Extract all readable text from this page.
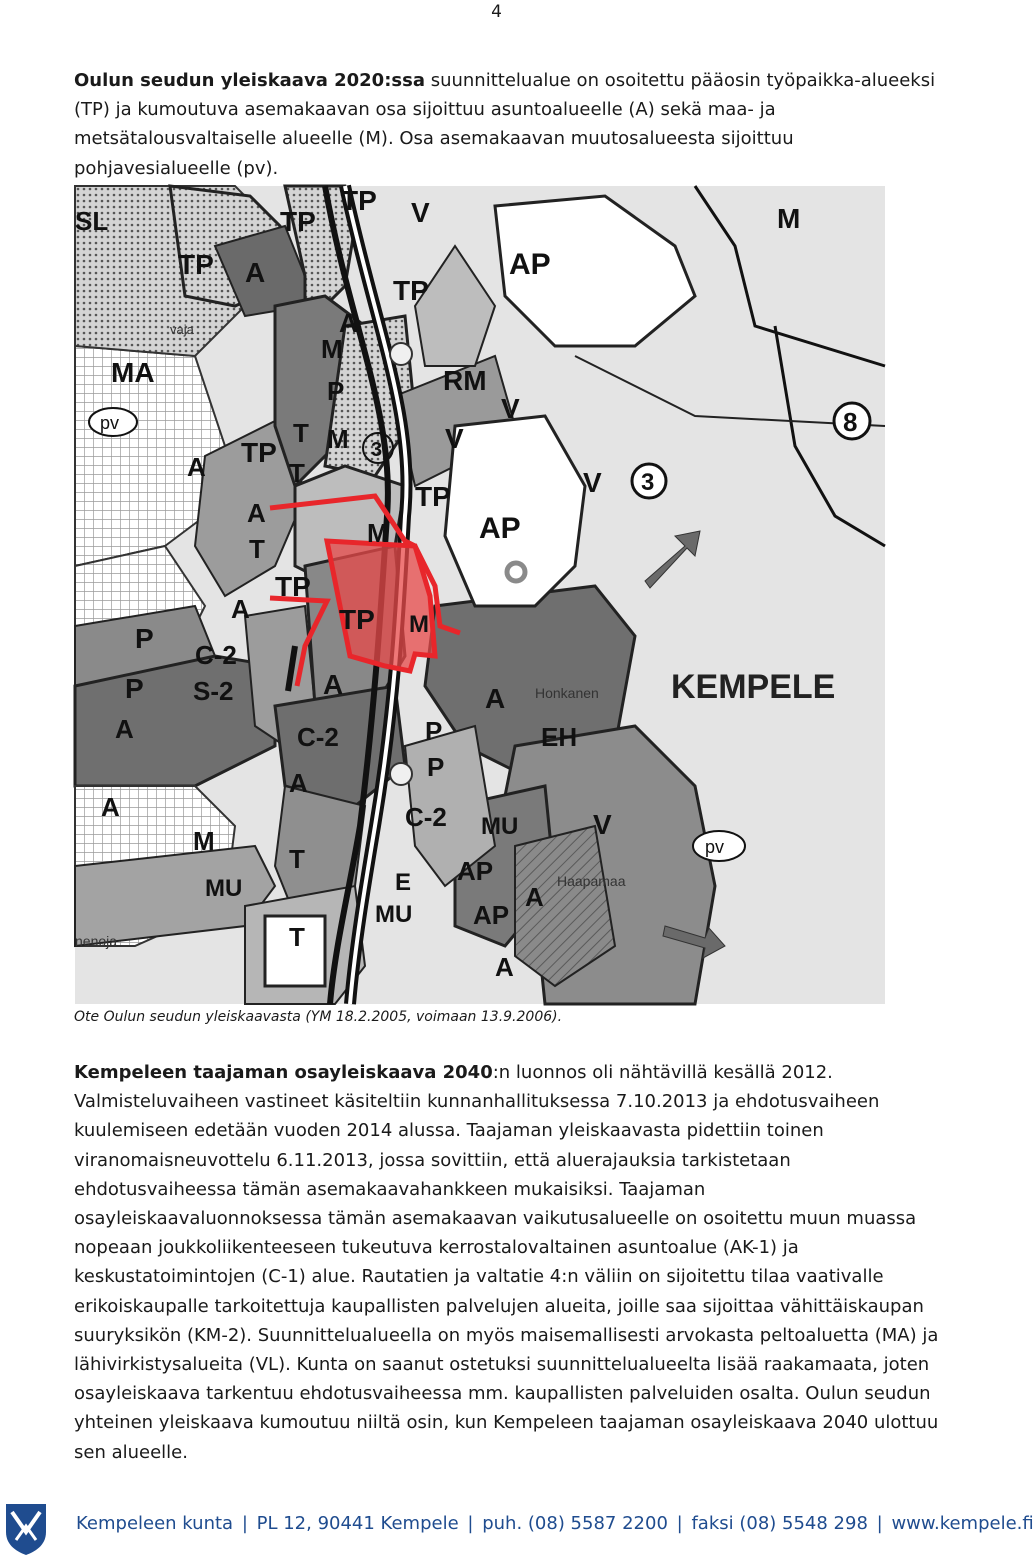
4

Oulun seudun yleiskaava 2020:ssa suunnittelualue on osoitettu pääosin työpaikka-alueeksi (TP) ja kumoutuva asemakaavan osa sijoittuu asuntoalueelle (A) sekä maa- ja metsätalousvaltaiselle alueelle (M). Osa asemakaavan muutosalueesta sijoittuu pohjavesialueelle (pv).

SL
TP
TP
TP
TP
TP
TP
TP
TP
V
V
V
V
V
AP
AP
AP
AP
M
M
M
M
M
M
MA
A
A
A
A
A
A	A
A
A
A
A
A
RM
P
P
P
P
P
T
T
T
T
T
C-2
C-2
C-2
S-2
EH
MU
MU
MU
E
KEMPELE
8
3
3
pv
pv
Honkanen
Haapamaa
nenoja
vaja
Ote Oulun seudun yleiskaavasta (YM 18.2.2005, voimaan 13.9.2006).

Kempeleen taajaman osayleiskaava 2040:n luonnos oli nähtävillä kesällä 2012. Valmisteluvaiheen vastineet käsiteltiin kunnanhallituksessa 7.10.2013 ja ehdotusvaiheen kuulemiseen edetään vuoden 2014 alussa. Taajaman yleiskaavasta pidettiin toinen viranomaisneuvottelu 6.11.2013, jossa sovittiin, että aluerajauksia tarkistetaan ehdotusvaiheessa tämän asemakaavahankkeen mukaisiksi. Taajaman osayleiskaavaluonnoksessa tämän asemakaavan vaikutusalueelle on osoitettu muun muassa nopeaan joukkoliikenteeseen tukeutuva kerrostalovaltainen asuntoalue (AK-1) ja keskustatoimintojen (C-1) alue. Rautatien ja valtatie 4:n väliin on sijoitettu tilaa vaativalle erikoiskaupalle tarkoitettuja kaupallisten palvelujen alueita, joille saa sijoittaa vähittäiskaupan suuryksikön (KM-2). Suunnittelualueella on myös maisemallisesti arvokasta peltoaluetta (MA) ja lähivirkistysalueita (VL). Kunta on saanut ostetuksi suunnittelualueelta lisää raakamaata, joten osayleiskaava tarkentuu ehdotusvaiheessa mm. kaupallisten palveluiden osalta. Oulun seudun yhteinen yleiskaava kumoutuu niiltä osin, kun Kempeleen taajaman osayleiskaava 2040 ulottuu sen alueelle.

Kempeleen kunta | PL 12, 90441 Kempele | puh. (08) 5587 2200 | faksi (08) 5548 298 | www.kempele.fi
